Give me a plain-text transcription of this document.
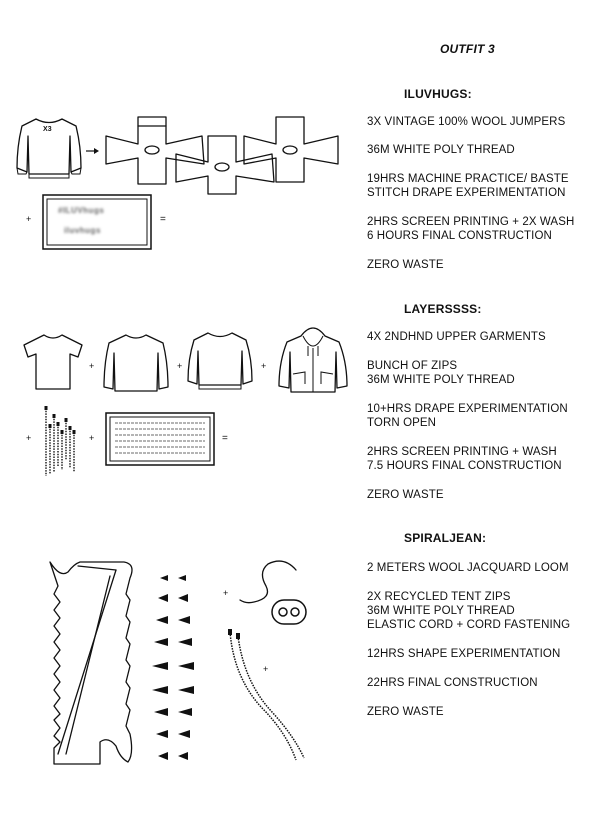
OUTFIT 3
ILUVHUGS:
3X VINTAGE 100% WOOL JUMPERS
36M WHITE POLY THREAD
19HRS MACHINE PRACTICE/ BASTE
STITCH DRAPE EXPERIMENTATION
2HRS SCREEN PRINTING + 2X WASH
6 HOURS FINAL CONSTRUCTION
ZERO WASTE
LAYERSSSS:
4X 2NDHND UPPER GARMENTS
BUNCH OF ZIPS
36M WHITE POLY THREAD
10+HRS DRAPE EXPERIMENTATION
TORN OPEN
2HRS SCREEN PRINTING + WASH
7.5 HOURS FINAL CONSTRUCTION
ZERO WASTE
SPIRALJEAN:
2 METERS WOOL JACQUARD LOOM
2X RECYCLED TENT ZIPS
36M WHITE POLY THREAD
ELASTIC CORD + CORD FASTENING
12HRS SHAPE EXPERIMENTATION
22HRS FINAL CONSTRUCTION
ZERO WASTE
X3
+
#ILUVhugs
iluvhugs
=
+	+	+
+	+	=
+
+
